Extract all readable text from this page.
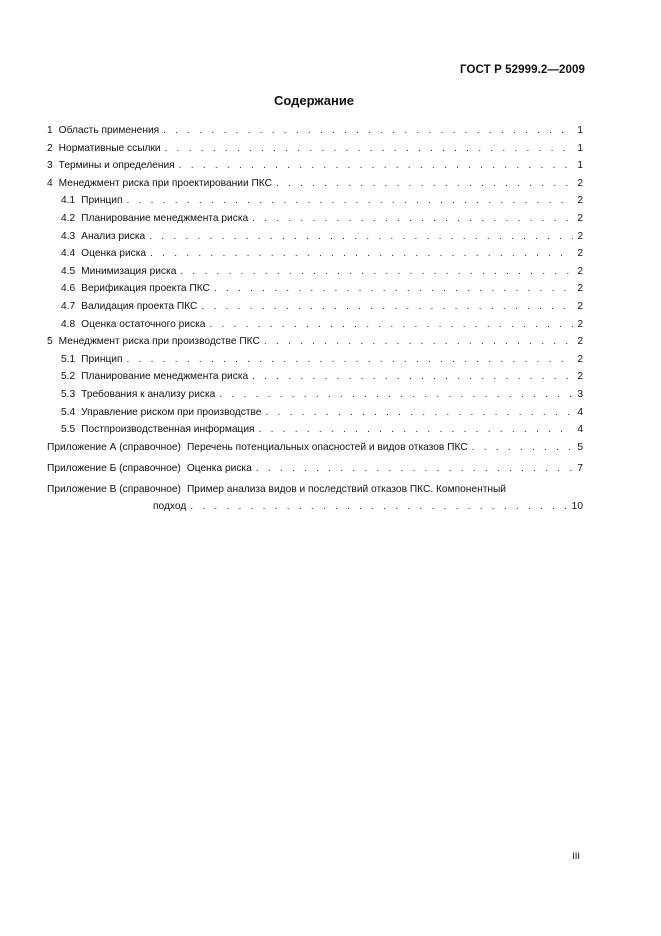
ГОСТ Р 52999.2—2009
Содержание
1 Область применения . . .	1
2 Нормативные ссылки . . .	1
3 Термины и определения . . .	1
4 Менеджмент риска при проектировании ПКС . . .	2
4.1 Принцип . . .	2
4.2 Планирование менеджмента риска . . .	2
4.3 Анализ риска . . .	2
4.4 Оценка риска . . .	2
4.5 Минимизация риска . . .	2
4.6 Верификация проекта ПКС . . .	2
4.7 Валидация проекта ПКС . . .	2
4.8 Оценка остаточного риска . . .	2
5 Менеджмент риска при производстве ПКС . . .	2
5.1 Принцип . . .	2
5.2 Планирование менеджмента риска . . .	2
5.3 Требования к анализу риска . . .	3
5.4 Управление риском при производстве . . .	4
5.5 Постпроизводственная информация . . .	4
Приложение А (справочное) Перечень потенциальных опасностей и видов отказов ПКС . . .	5
Приложение Б (справочное) Оценка риска . . .	7
Приложение В (справочное) Пример анализа видов и последствий отказов ПКС. Компонентный
подход . . .	10
III
